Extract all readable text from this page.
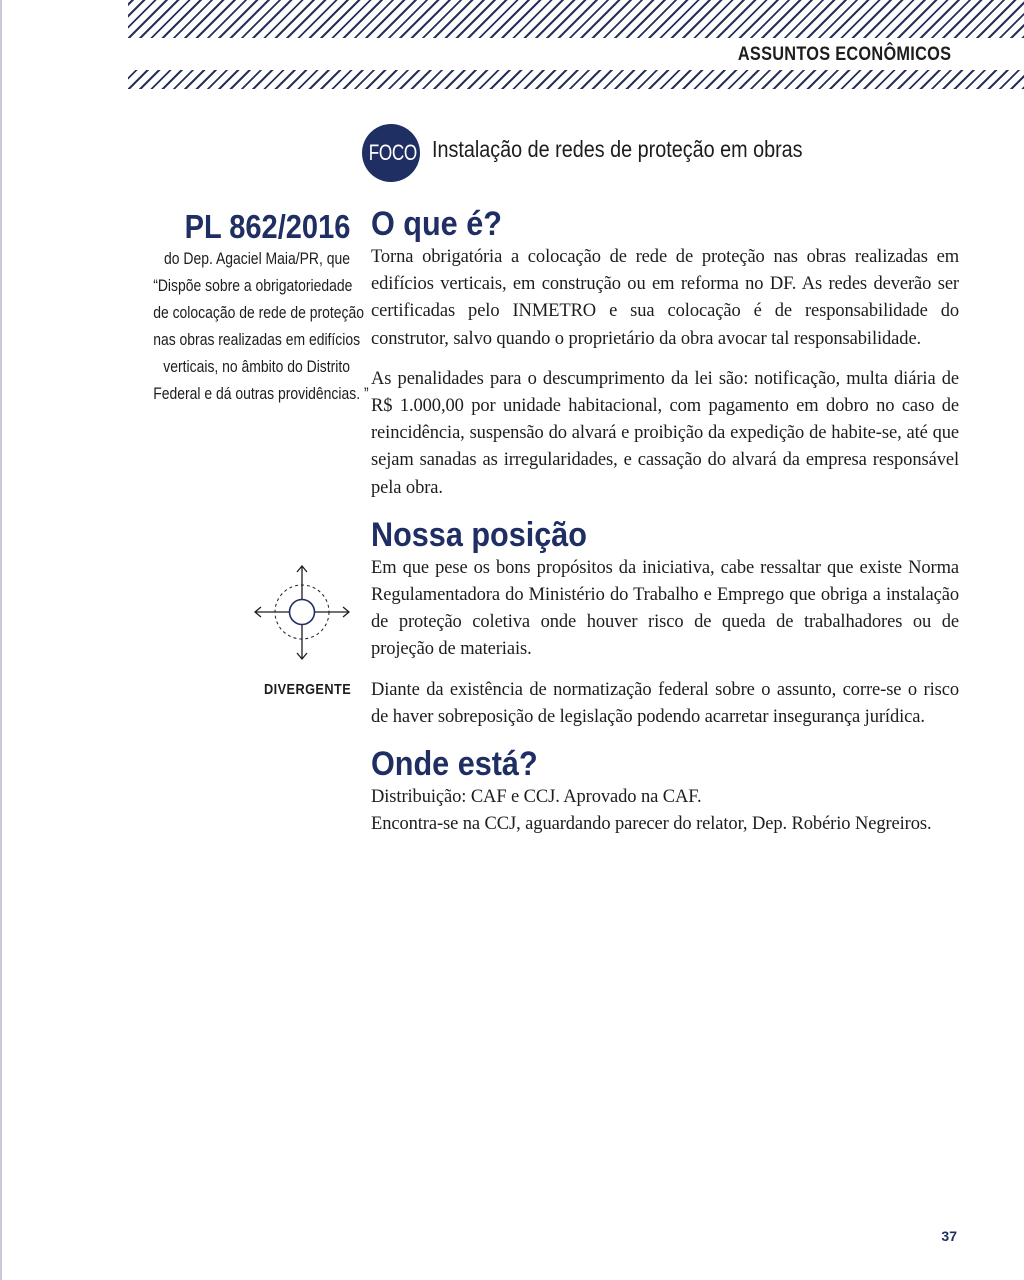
ASSUNTOS ECONÔMICOS
FOCO Instalação de redes de proteção em obras
PL 862/2016
do Dep. Agaciel Maia/PR, que
“Dispõe sobre a obrigatoriedade
de colocação de rede de proteção
nas obras realizadas em edifícios
verticais, no âmbito do Distrito
Federal e dá outras providências. ”
O que é?

Torna obrigatória a colocação de rede de proteção nas obras realizadas em edifícios verticais, em construção ou em reforma no DF. As redes deverão ser certificadas pelo INMETRO e sua colocação é de responsabilidade do construtor, salvo quando o proprietário da obra avocar tal responsabilidade.

As penalidades para o descumprimento da lei são: notificação, multa diária de R$ 1.000,00 por unidade habitacional, com pagamento em dobro no caso de reincidência, suspensão do alvará e proibição da expedição de habite-se, até que sejam sanadas as irregularidades, e cassação do alvará da empresa responsável pela obra.

Nossa posição

Em que pese os bons propósitos da iniciativa, cabe ressaltar que existe Norma Regulamentadora do Ministério do Trabalho e Emprego que obriga a instalação de proteção coletiva onde houver risco de queda de trabalhadores ou de projeção de materiais.

Diante da existência de normatização federal sobre o assunto, corre-se o risco de haver sobreposição de legislação podendo acarretar insegurança jurídica.

Onde está?

Distribuição: CAF e CCJ. Aprovado na CAF.

Encontra-se na CCJ, aguardando parecer do relator, Dep. Robério Negreiros.

DIVERGENTE
37
